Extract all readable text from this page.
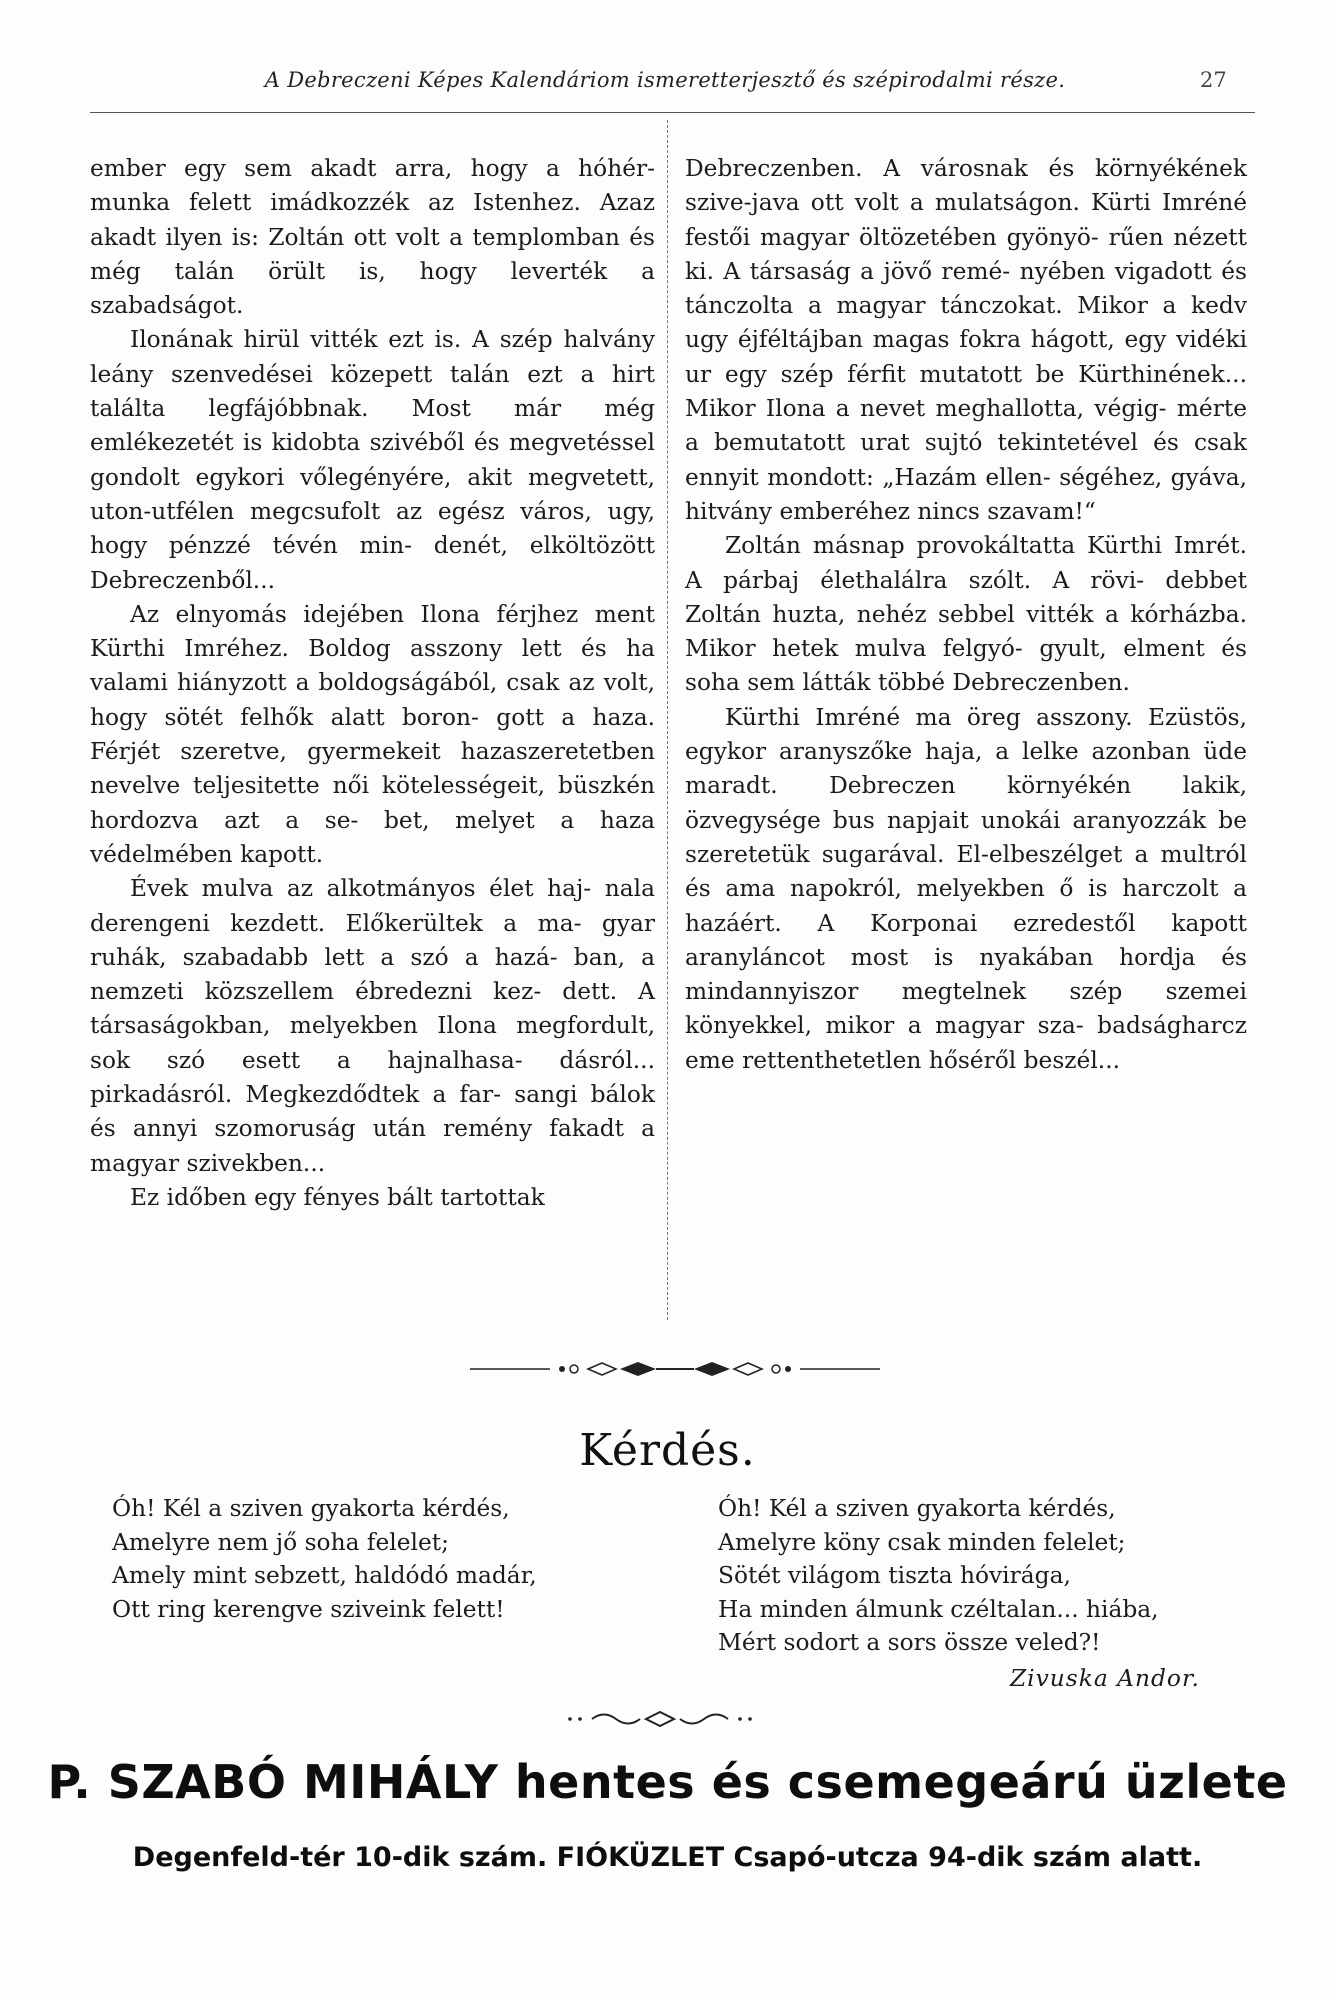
A Debreczeni Képes Kalendáriom ismeretterjesztő és szépirodalmi része.	27

ember egy sem akadt arra, hogy a hóhér- munka felett imádkozzék az Istenhez. Azaz akadt ilyen is: Zoltán ott volt a templomban és még talán örült is, hogy leverték a szabadságot.

Ilonának hirül vitték ezt is. A szép halvány leány szenvedései közepett talán ezt a hirt találta legfájóbbnak. Most már még emlékezetét is kidobta szivéből és megvetéssel gondolt egykori vőlegényére, akit megvetett, uton-utfélen megcsufolt az egész város, ugy, hogy pénzzé tévén min- denét, elköltözött Debreczenből...

Az elnyomás idejében Ilona férjhez ment Kürthi Imréhez. Boldog asszony lett és ha valami hiányzott a boldogságából, csak az volt, hogy sötét felhők alatt boron- gott a haza. Férjét szeretve, gyermekeit hazaszeretetben nevelve teljesitette női kötelességeit, büszkén hordozva azt a se- bet, melyet a haza védelmében kapott.

Évek mulva az alkotmányos élet haj- nala derengeni kezdett. Előkerültek a ma- gyar ruhák, szabadabb lett a szó a hazá- ban, a nemzeti közszellem ébredezni kez- dett. A társaságokban, melyekben Ilona megfordult, sok szó esett a hajnalhasa- dásról... pirkadásról. Megkezdődtek a far- sangi bálok és annyi szomoruság után remény fakadt a magyar szivekben...

Ez időben egy fényes bált tartottak

Debreczenben. A városnak és környékének szive-java ott volt a mulatságon. Kürti Imréné festői magyar öltözetében gyönyö- rűen nézett ki. A társaság a jövő remé- nyében vigadott és tánczolta a magyar tánczokat. Mikor a kedv ugy éjféltájban magas fokra hágott, egy vidéki ur egy szép férfit mutatott be Kürthinének... Mikor Ilona a nevet meghallotta, végig- mérte a bemutatott urat sujtó tekintetével és csak ennyit mondott: „Hazám ellen- ségéhez, gyáva, hitvány emberéhez nincs szavam!“

Zoltán másnap provokáltatta Kürthi Imrét. A párbaj élethalálra szólt. A rövi- debbet Zoltán huzta, nehéz sebbel vitték a kórházba. Mikor hetek mulva felgyó- gyult, elment és soha sem látták többé Debreczenben.

Kürthi Imréné ma öreg asszony. Ezüstös, egykor aranyszőke haja, a lelke azonban üde maradt. Debreczen környékén lakik, özvegysége bus napjait unokái aranyozzák be szeretetük sugarával. El-elbeszélget a multról és ama napokról, melyekben ő is harczolt a hazáért. A Korponai ezredestől kapott aranyláncot most is nyakában hordja és mindannyiszor megtelnek szép szemei könyekkel, mikor a magyar sza- badságharcz eme rettenthetetlen hőséről beszél...

Kérdés.
Óh! Kél a sziven gyakorta kérdés,
Amelyre nem jő soha felelet;
Amely mint sebzett, haldódó madár,
Ott ring kerengve sziveink felett!
Óh! Kél a sziven gyakorta kérdés,
Amelyre köny csak minden felelet;
Sötét világom tiszta hóvirága,
Ha minden álmunk czéltalan... hiába,
Mért sodort a sors össze veled?!
Zivuska Andor.
P. SZABÓ MIHÁLY hentes és csemegeárú üzlete
Degenfeld-tér 10-dik szám. FIÓKÜZLET Csapó-utcza 94-dik szám alatt.
